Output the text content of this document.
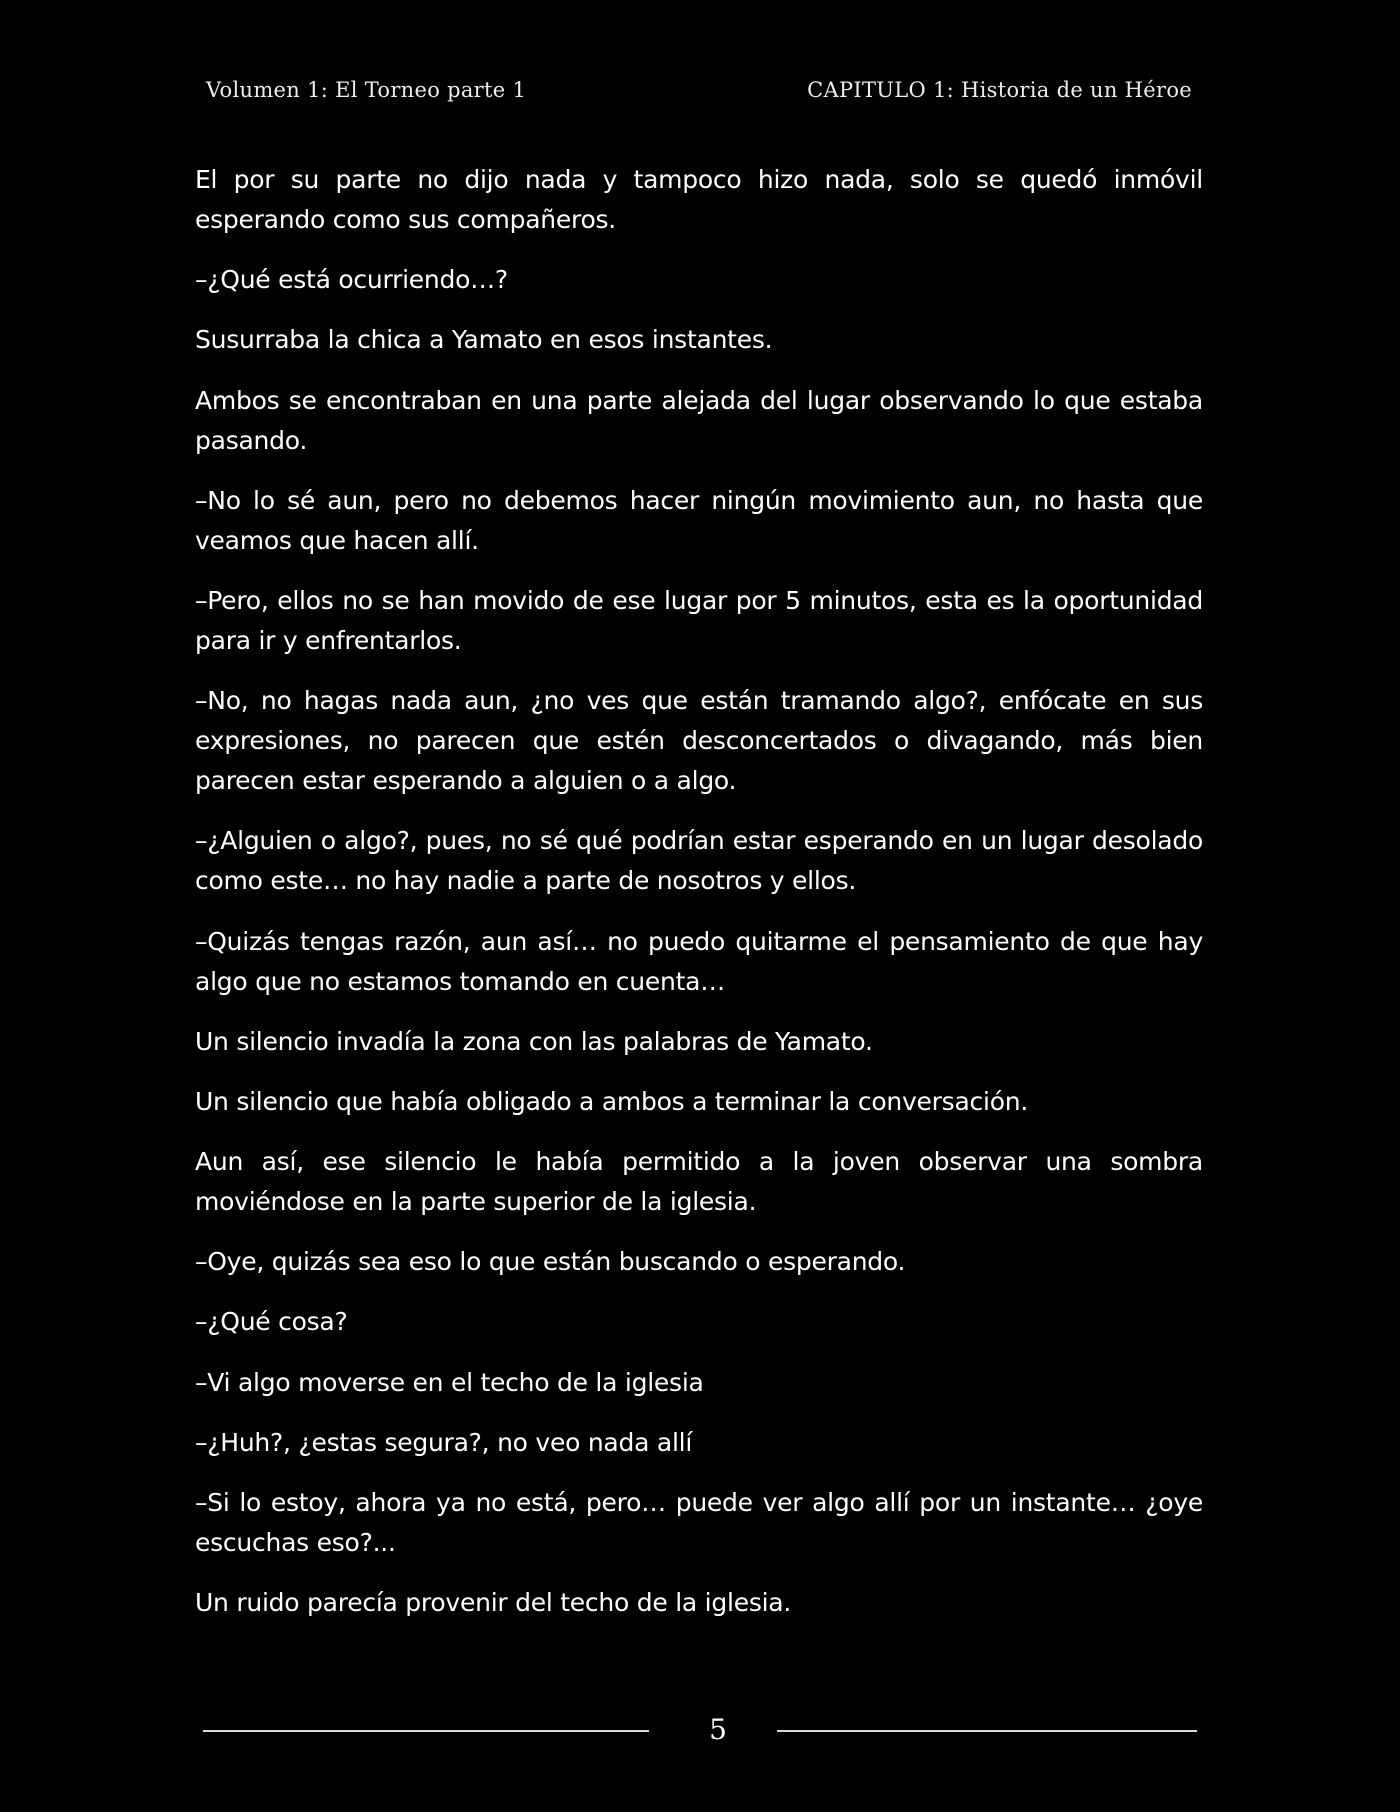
Volumen 1: El Torneo parte 1	CAPITULO 1: Historia de un Héroe

El por su parte no dijo nada y tampoco hizo nada, solo se quedó inmóvil esperando como sus compañeros.

–¿Qué está ocurriendo…?

Susurraba la chica a Yamato en esos instantes.

Ambos se encontraban en una parte alejada del lugar observando lo que estaba pasando.

–No lo sé aun, pero no debemos hacer ningún movimiento aun, no hasta que veamos que hacen allí.

–Pero, ellos no se han movido de ese lugar por 5 minutos, esta es la oportunidad para ir y enfrentarlos.

–No, no hagas nada aun, ¿no ves que están tramando algo?, enfócate en sus expresiones, no parecen que estén desconcertados o divagando, más bien parecen estar esperando a alguien o a algo.

–¿Alguien o algo?, pues, no sé qué podrían estar esperando en un lugar desolado como este… no hay nadie a parte de nosotros y ellos.

–Quizás tengas razón, aun así… no puedo quitarme el pensamiento de que hay algo que no estamos tomando en cuenta…

Un silencio invadía la zona con las palabras de Yamato.

Un silencio que había obligado a ambos a terminar la conversación.

Aun así, ese silencio le había permitido a la joven observar una sombra moviéndose en la parte superior de la iglesia.

–Oye, quizás sea eso lo que están buscando o esperando.

–¿Qué cosa?

–Vi algo moverse en el techo de la iglesia

–¿Huh?, ¿estas segura?, no veo nada allí

–Si lo estoy, ahora ya no está, pero… puede ver algo allí por un instante… ¿oye escuchas eso?...

Un ruido parecía provenir del techo de la iglesia.

5
